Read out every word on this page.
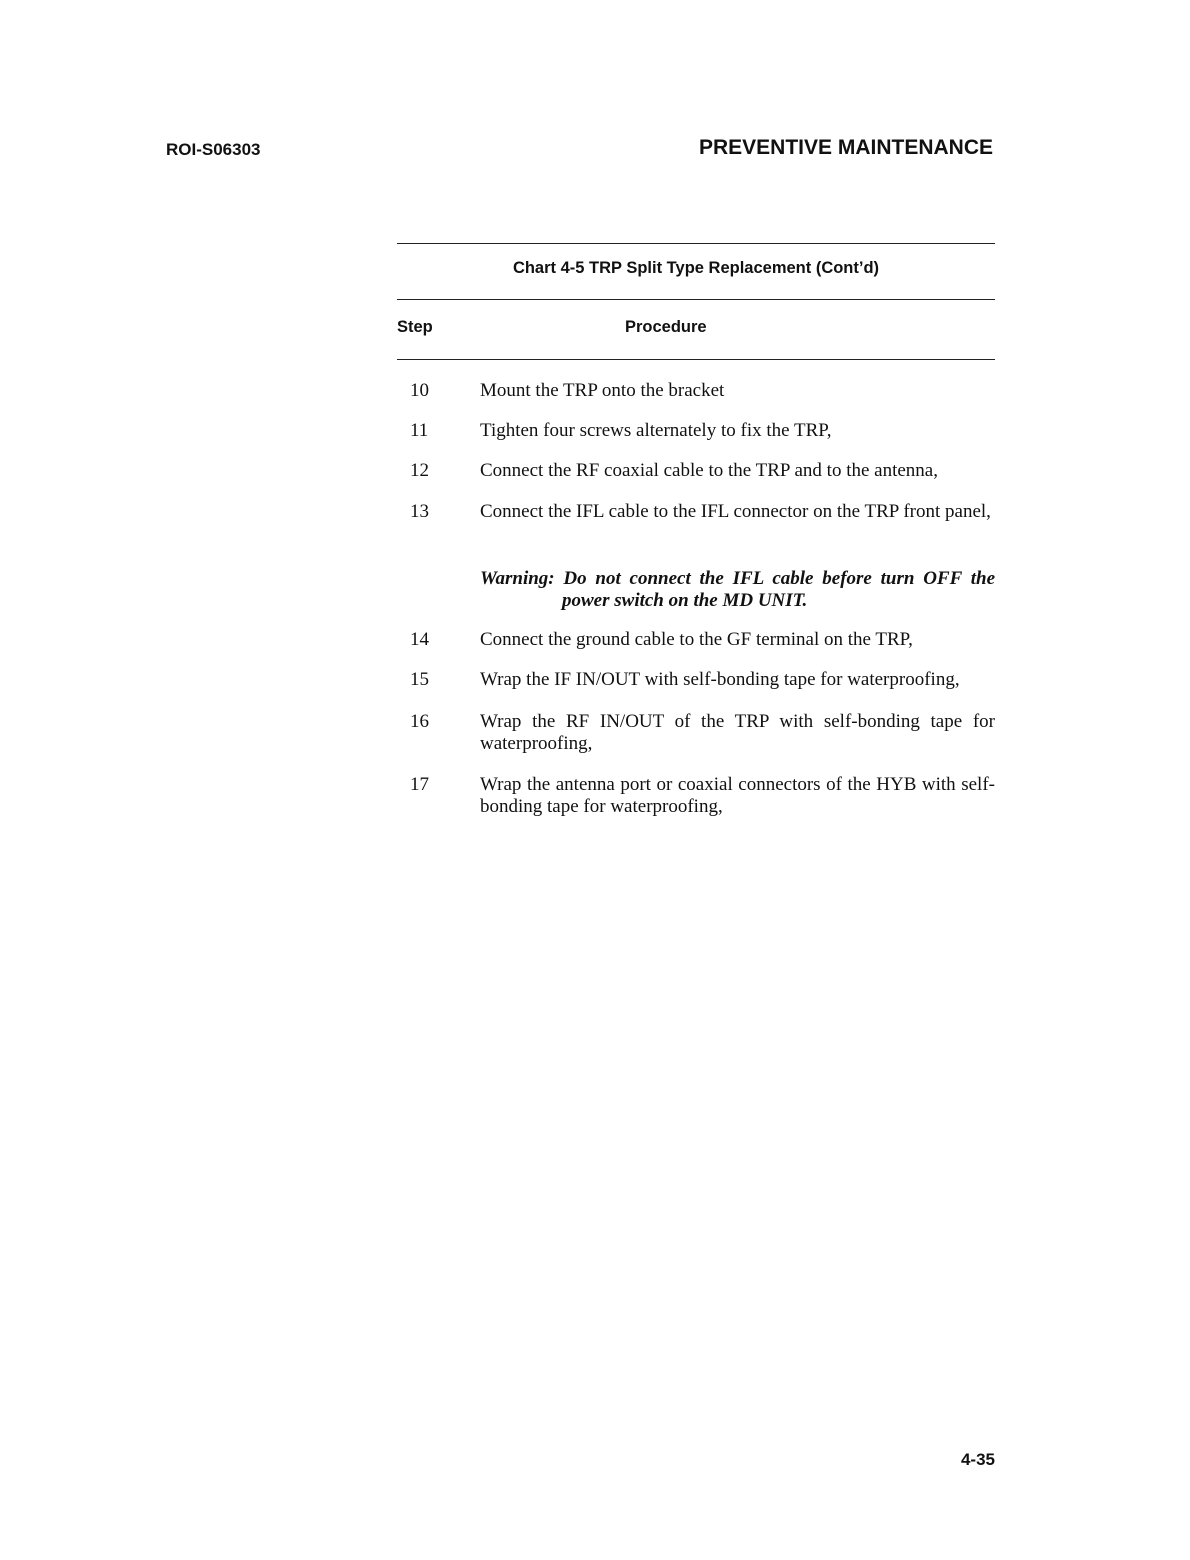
ROI-S06303	PREVENTIVE MAINTENANCE
Chart 4-5 TRP Split Type Replacement (Cont’d)
Step	Procedure
10	Mount the TRP onto the bracket
11	Tighten four screws alternately to fix the TRP,
12	Connect the RF coaxial cable to the TRP and to the antenna,
13	Connect the IFL cable to the IFL connector on the TRP front panel,
Warning: Do not connect the IFL cable before turn OFF the
power switch on the MD UNIT.
14	Connect the ground cable to the GF terminal on the TRP,
15	Wrap the IF IN/OUT with self-bonding tape for waterproofing,
16	Wrap the RF IN/OUT of the TRP with self-bonding tape for waterproofing,
17	Wrap the antenna port or coaxial connectors of the HYB with self-bonding tape for waterproofing,
4-35
